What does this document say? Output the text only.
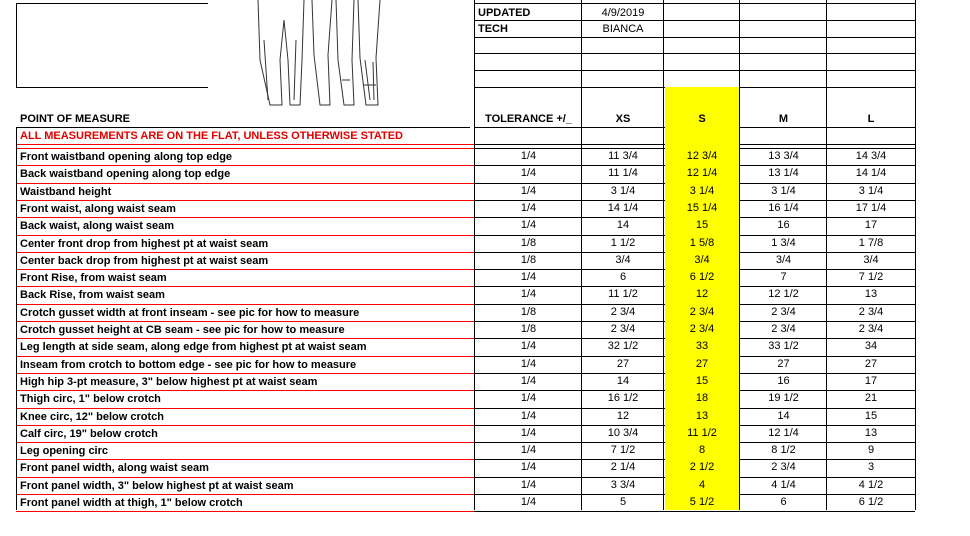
UPDATED	4/9/2019
TECH	BIANCA
POINT OF MEASURE	TOLERANCE +/_	XS	S	M	L
ALL MEASUREMENTS ARE ON THE FLAT, UNLESS OTHERWISE STATED
Front waistband opening along top edge	1/4	11 3/4	12 3/4	13 3/4	14 3/4
Back waistband opening along top edge	1/4	11 1/4	12 1/4	13 1/4	14 1/4
Waistband height	1/4	3 1/4	3 1/4	3 1/4	3 1/4
Front waist, along waist seam	1/4	14 1/4	15 1/4	16 1/4	17 1/4
Back waist, along waist seam	1/4	14	15	16	17
Center front drop from highest pt at waist seam	1/8	1 1/2	1 5/8	1 3/4	1 7/8
Center back drop from highest pt at waist seam	1/8	3/4	3/4	3/4	3/4
Front Rise, from waist seam	1/4	6	6 1/2	7	7 1/2
Back Rise, from waist seam	1/4	11 1/2	12	12 1/2	13
Crotch gusset width at front inseam - see pic for how to measure	1/8	2 3/4	2 3/4	2 3/4	2 3/4
Crotch gusset height at CB seam - see pic for how to measure	1/8	2 3/4	2 3/4	2 3/4	2 3/4
Leg length at side seam, along edge from highest pt at waist seam	1/4	32 1/2	33	33 1/2	34
Inseam from crotch to bottom edge - see pic for how to measure	1/4	27	27	27	27
High hip 3-pt measure, 3" below highest pt at waist seam	1/4	14	15	16	17
Thigh circ, 1" below crotch	1/4	16 1/2	18	19 1/2	21
Knee circ, 12" below crotch	1/4	12	13	14	15
Calf circ, 19" below crotch	1/4	10 3/4	11 1/2	12 1/4	13
Leg opening circ	1/4	7 1/2	8	8 1/2	9
Front panel width, along waist seam	1/4	2 1/4	2 1/2	2 3/4	3
Front panel width, 3" below highest pt at waist seam	1/4	3 3/4	4	4 1/4	4 1/2
Front panel width at thigh, 1" below crotch	1/4	5	5 1/2	6	6 1/2
